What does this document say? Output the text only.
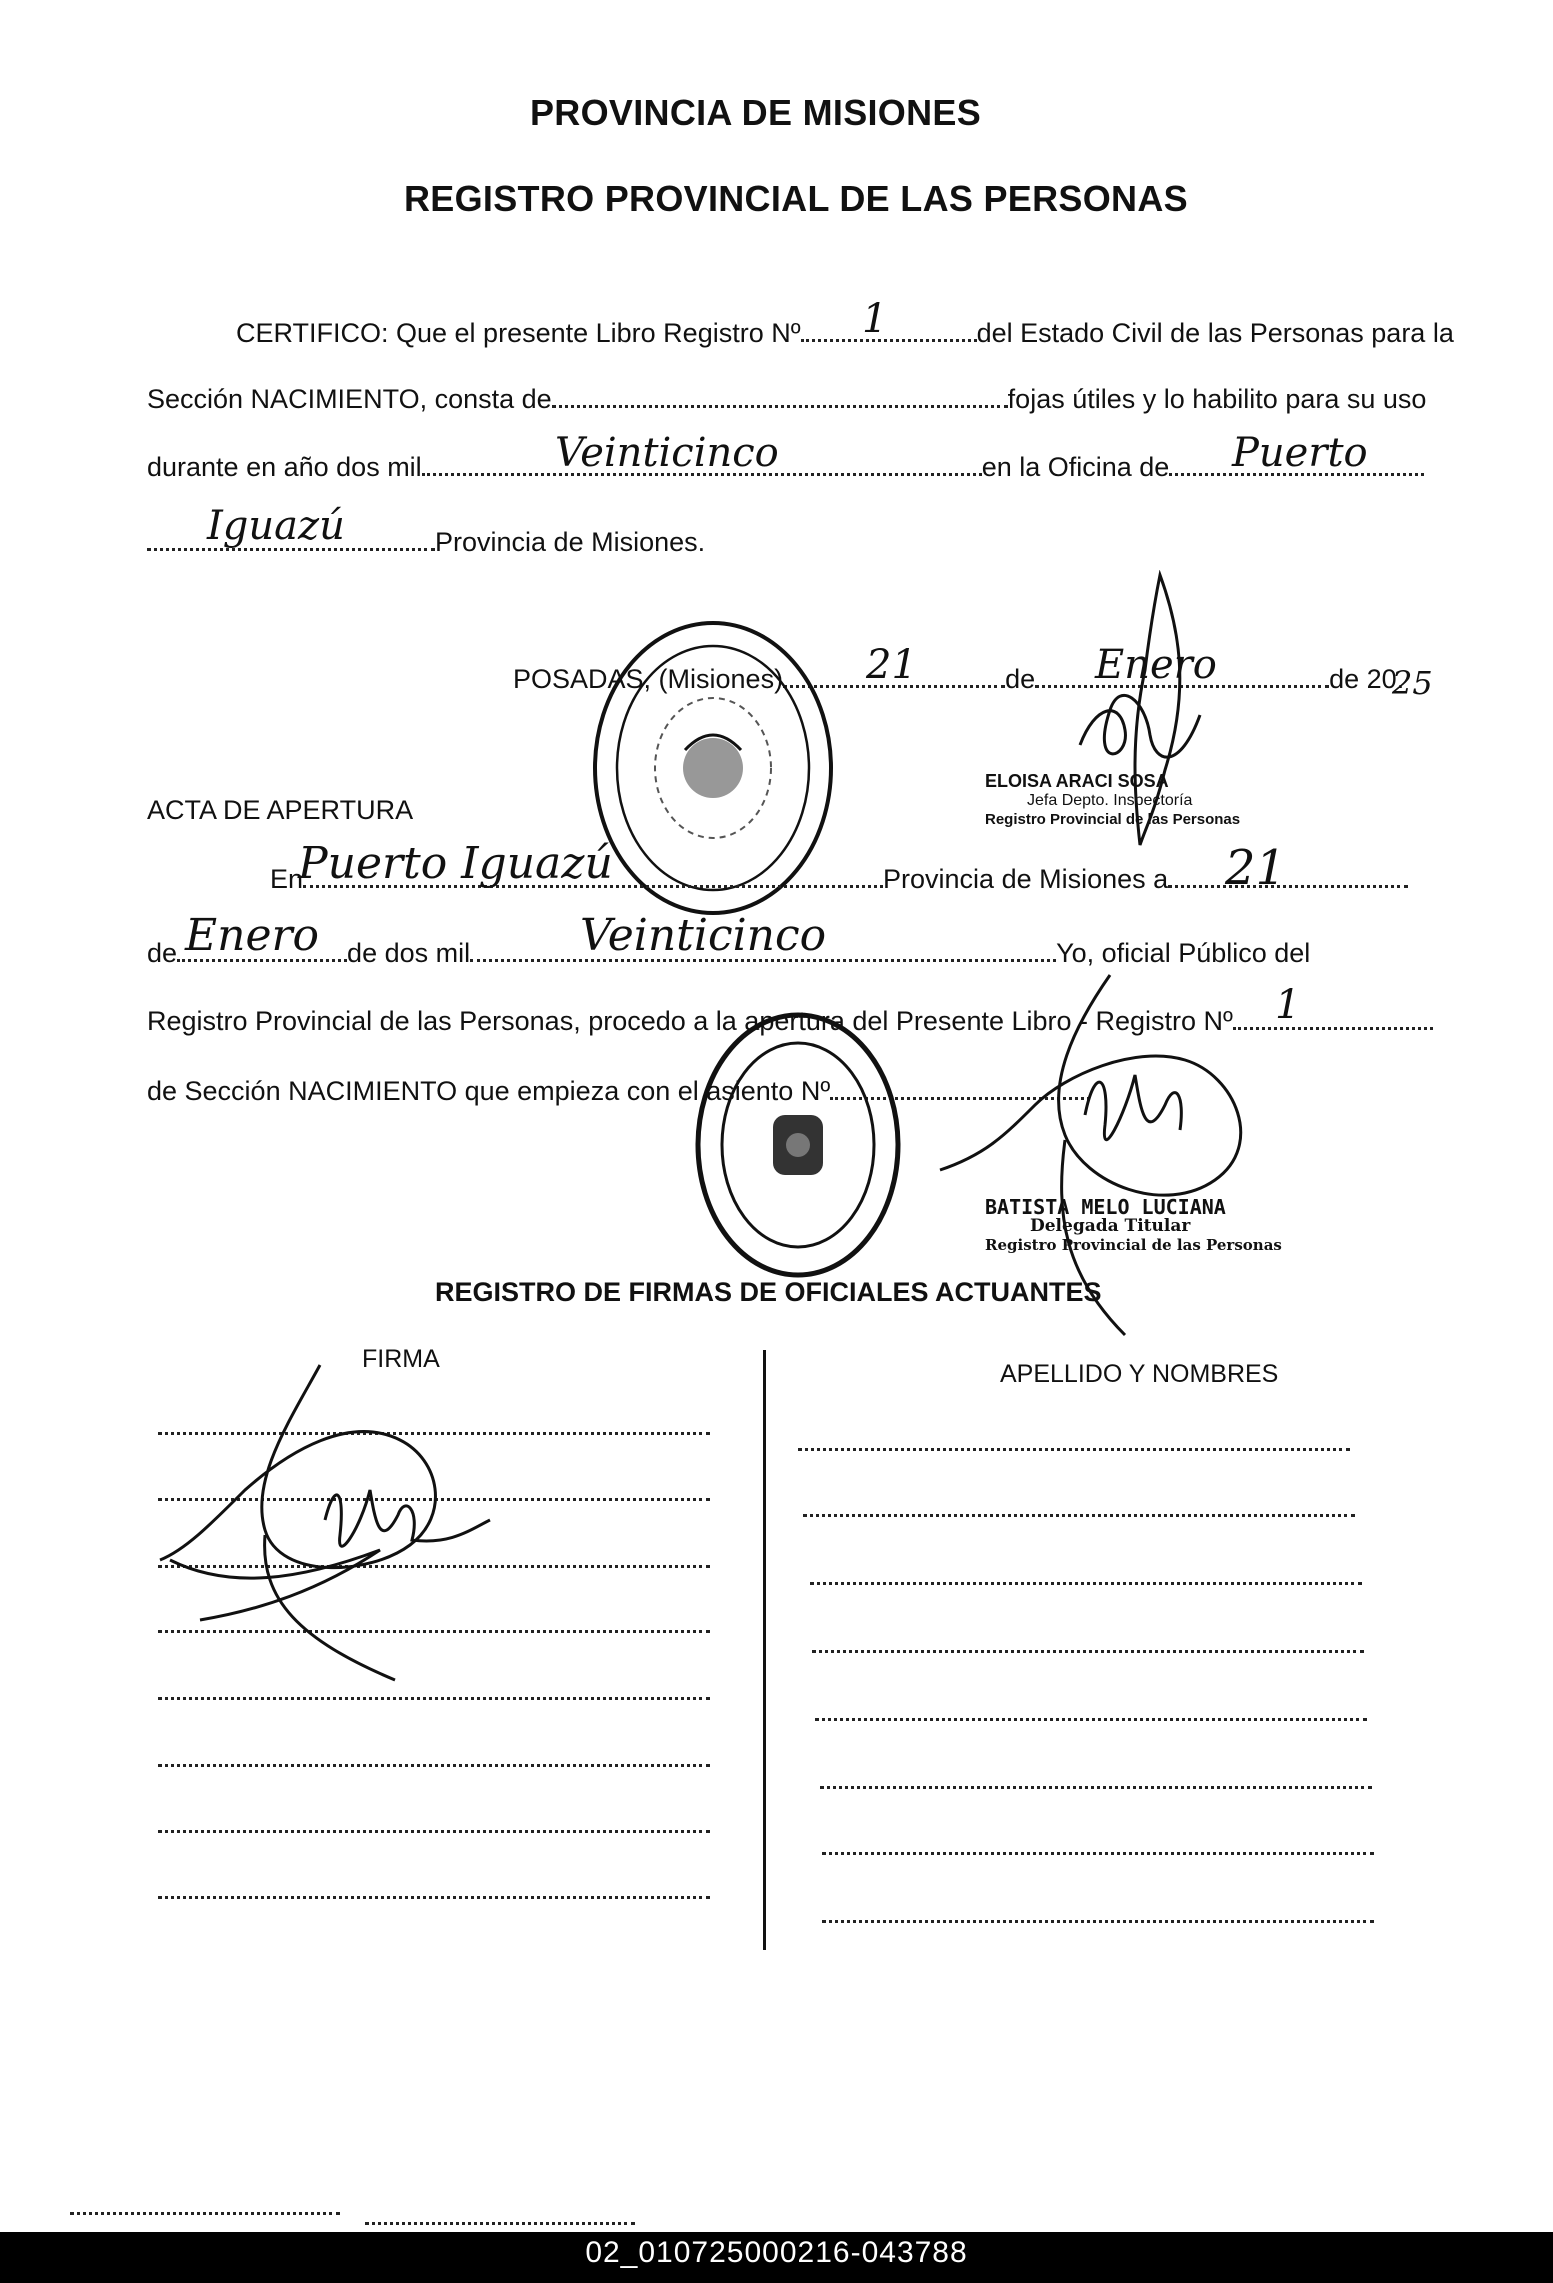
PROVINCIA DE MISIONES
REGISTRO PROVINCIAL DE LAS PERSONAS
CERTIFICO: Que el presente Libro Registro Nº	del Estado Civil de las Personas para la
1
Sección NACIMIENTO, consta de	fojas útiles y lo habilito para su uso
durante en año dos mil	en la Oficina de
Veinticinco	Puerto
Provincia de Misiones.
Iguazú
POSADAS, (Misiones)	de	de 20.
21	Enero	25
ELOISA ARACI SOSA
Jefa Depto. Inspectoría
Registro Provincial de las Personas
ACTA DE APERTURA
En	Provincia de Misiones a
Puerto Iguazú	21
de	de dos mil	Yo, oficial Público del
Enero	Veinticinco
Registro Provincial de las Personas, procedo a la apertura del Presente Libro - Registro Nº	1
de Sección NACIMIENTO que empieza con el asiento Nº
BATISTA MELO LUCIANA
Delegada Titular
Registro Provincial de las Personas
REGISTRO DE FIRMAS DE OFICIALES ACTUANTES
FIRMA
APELLIDO Y NOMBRES
02_010725000216-043788
